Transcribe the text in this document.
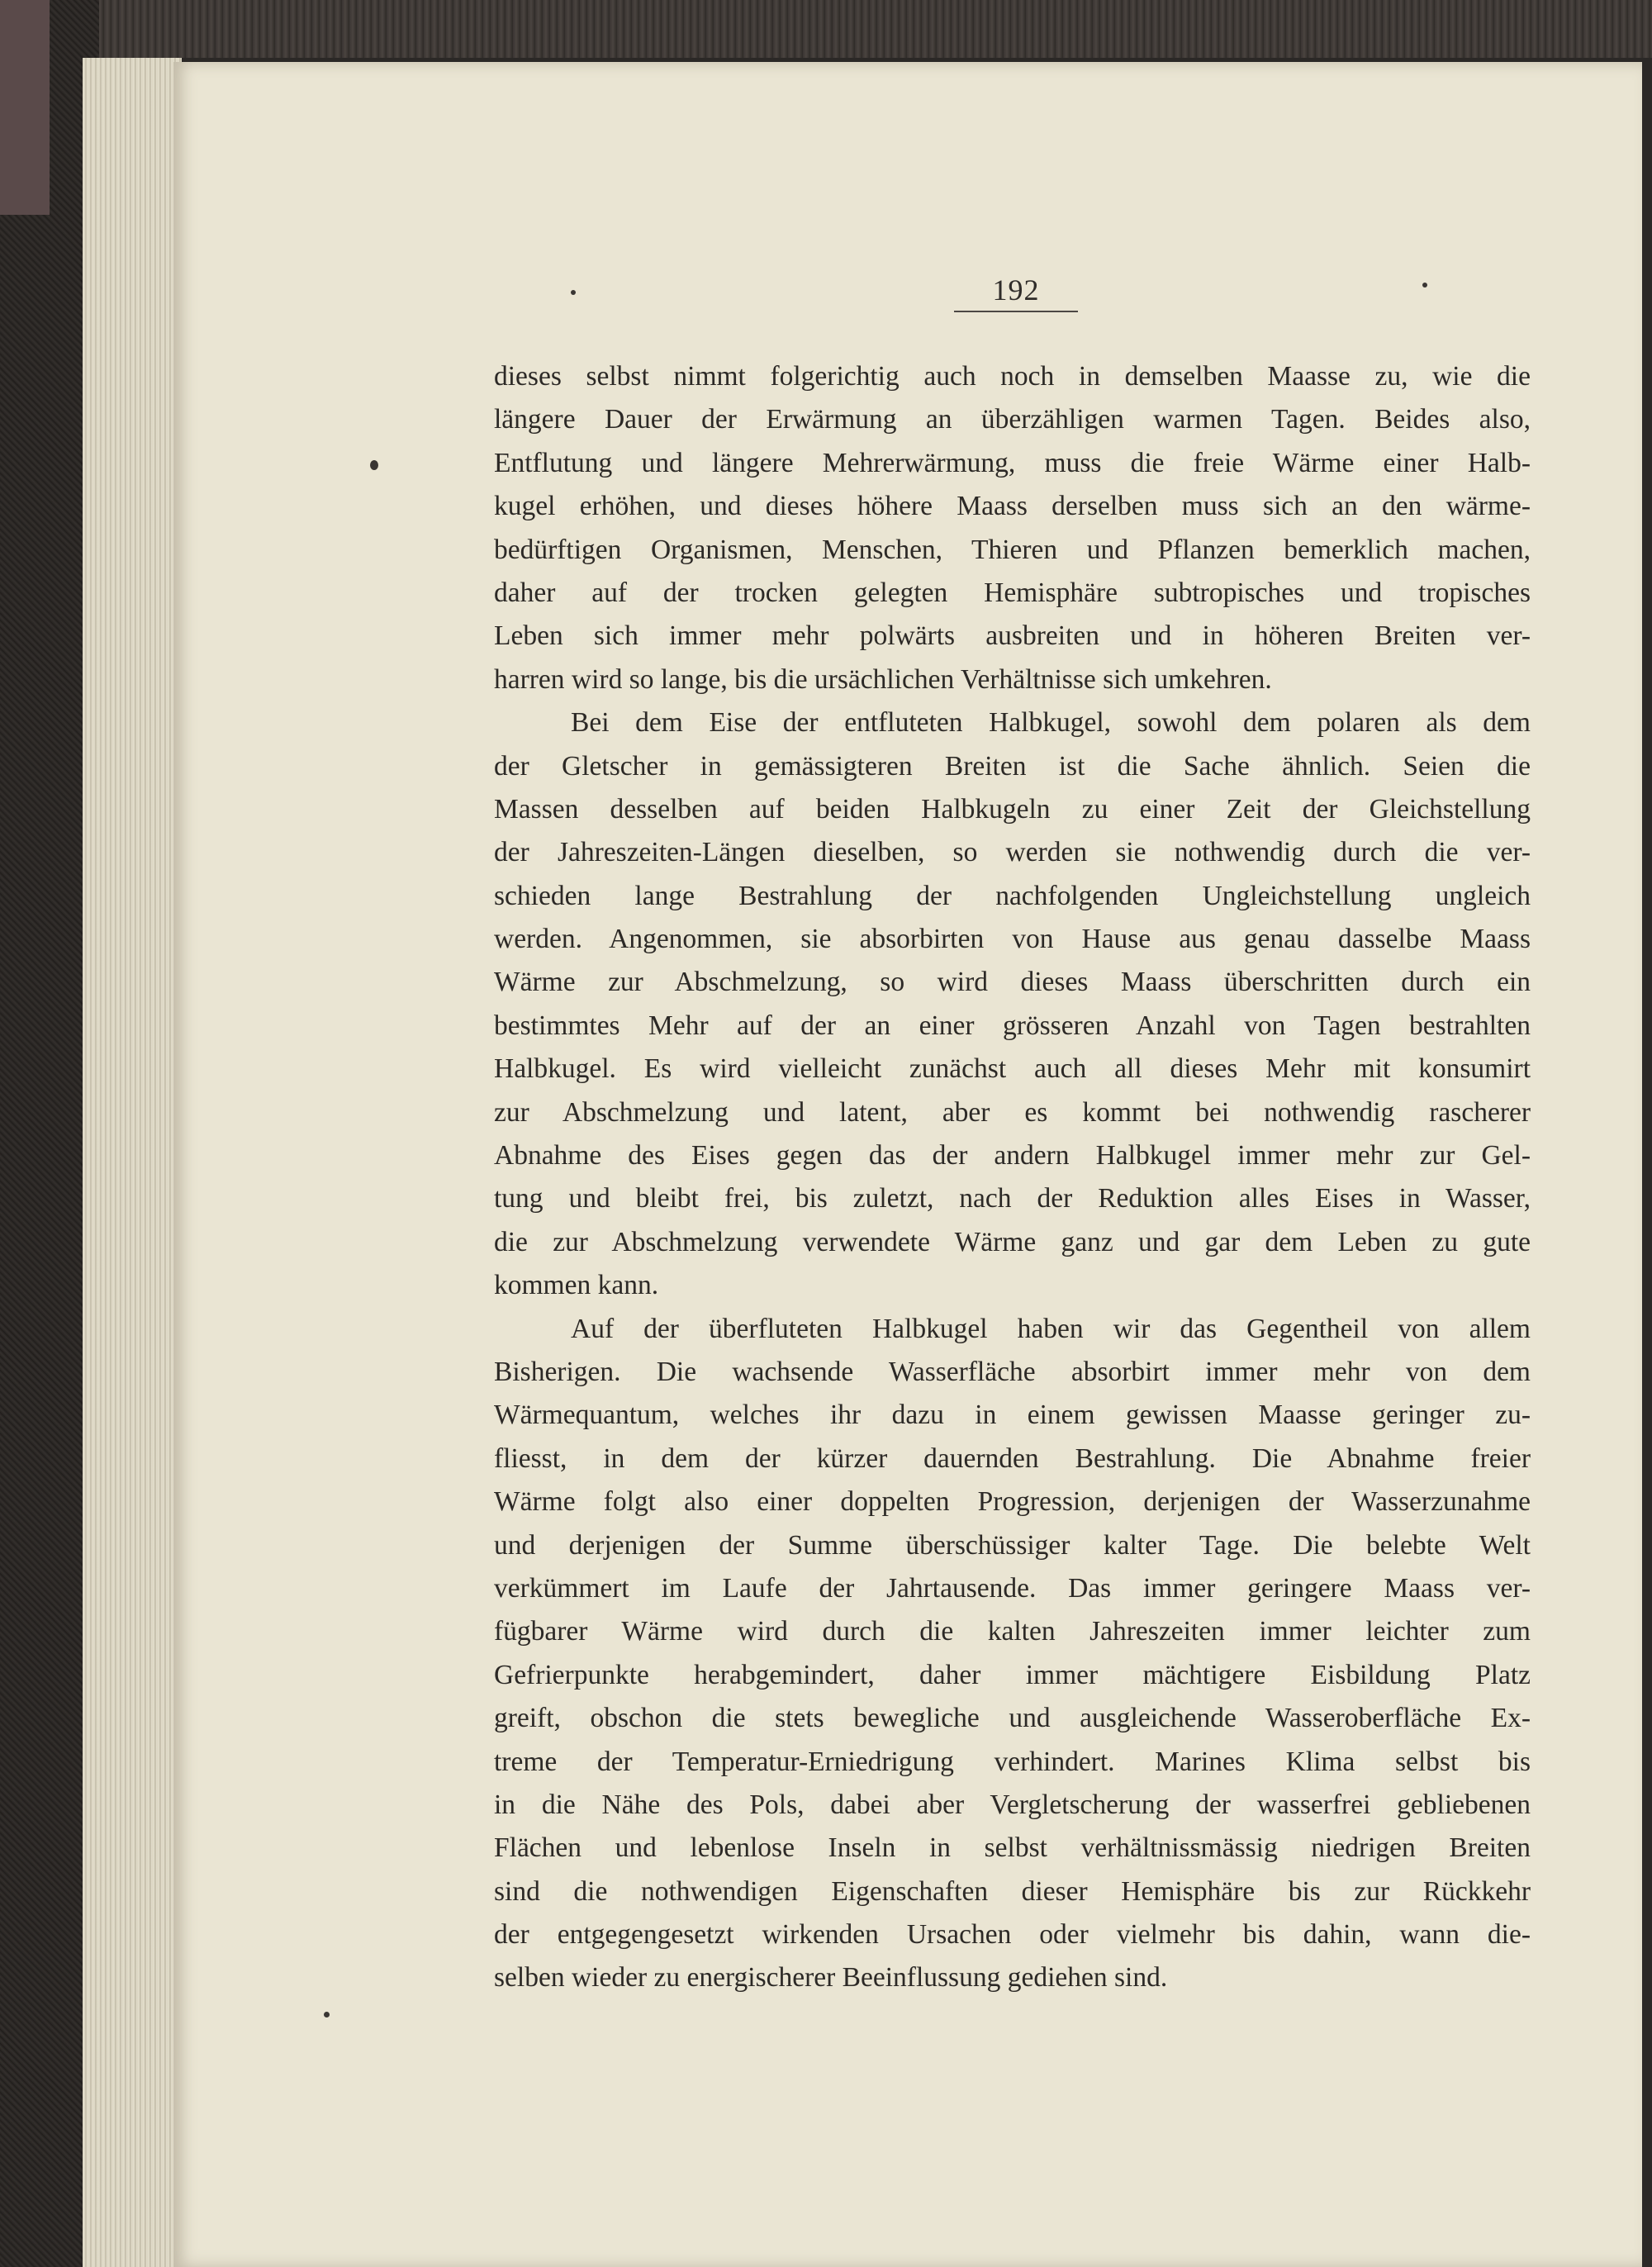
192
dieses selbst nimmt folgerichtig auch noch in demselben Maasse zu, wie die
längere Dauer der Erwärmung an überzähligen warmen Tagen. Beides also,
Entflutung und längere Mehrerwärmung, muss die freie Wärme einer Halb-
kugel erhöhen, und dieses höhere Maass derselben muss sich an den wärme-
bedürftigen Organismen, Menschen, Thieren und Pflanzen bemerklich machen,
daher auf der trocken gelegten Hemisphäre subtropisches und tropisches
Leben sich immer mehr polwärts ausbreiten und in höheren Breiten ver-
harren wird so lange, bis die ursächlichen Verhältnisse sich umkehren.
Bei dem Eise der entfluteten Halbkugel, sowohl dem polaren als dem
der Gletscher in gemässigteren Breiten ist die Sache ähnlich. Seien die
Massen desselben auf beiden Halbkugeln zu einer Zeit der Gleichstellung
der Jahreszeiten-Längen dieselben, so werden sie nothwendig durch die ver-
schieden lange Bestrahlung der nachfolgenden Ungleichstellung ungleich
werden. Angenommen, sie absorbirten von Hause aus genau dasselbe Maass
Wärme zur Abschmelzung, so wird dieses Maass überschritten durch ein
bestimmtes Mehr auf der an einer grösseren Anzahl von Tagen bestrahlten
Halbkugel. Es wird vielleicht zunächst auch all dieses Mehr mit konsumirt
zur Abschmelzung und latent, aber es kommt bei nothwendig rascherer
Abnahme des Eises gegen das der andern Halbkugel immer mehr zur Gel-
tung und bleibt frei, bis zuletzt, nach der Reduktion alles Eises in Wasser,
die zur Abschmelzung verwendete Wärme ganz und gar dem Leben zu gute
kommen kann.
Auf der überfluteten Halbkugel haben wir das Gegentheil von allem
Bisherigen. Die wachsende Wasserfläche absorbirt immer mehr von dem
Wärmequantum, welches ihr dazu in einem gewissen Maasse geringer zu-
fliesst, in dem der kürzer dauernden Bestrahlung. Die Abnahme freier
Wärme folgt also einer doppelten Progression, derjenigen der Wasserzunahme
und derjenigen der Summe überschüssiger kalter Tage. Die belebte Welt
verkümmert im Laufe der Jahrtausende. Das immer geringere Maass ver-
fügbarer Wärme wird durch die kalten Jahreszeiten immer leichter zum
Gefrierpunkte herabgemindert, daher immer mächtigere Eisbildung Platz
greift, obschon die stets bewegliche und ausgleichende Wasseroberfläche Ex-
treme der Temperatur-Erniedrigung verhindert. Marines Klima selbst bis
in die Nähe des Pols, dabei aber Vergletscherung der wasserfrei gebliebenen
Flächen und lebenlose Inseln in selbst verhältnissmässig niedrigen Breiten
sind die nothwendigen Eigenschaften dieser Hemisphäre bis zur Rückkehr
der entgegengesetzt wirkenden Ursachen oder vielmehr bis dahin, wann die-
selben wieder zu energischerer Beeinflussung gediehen sind.
